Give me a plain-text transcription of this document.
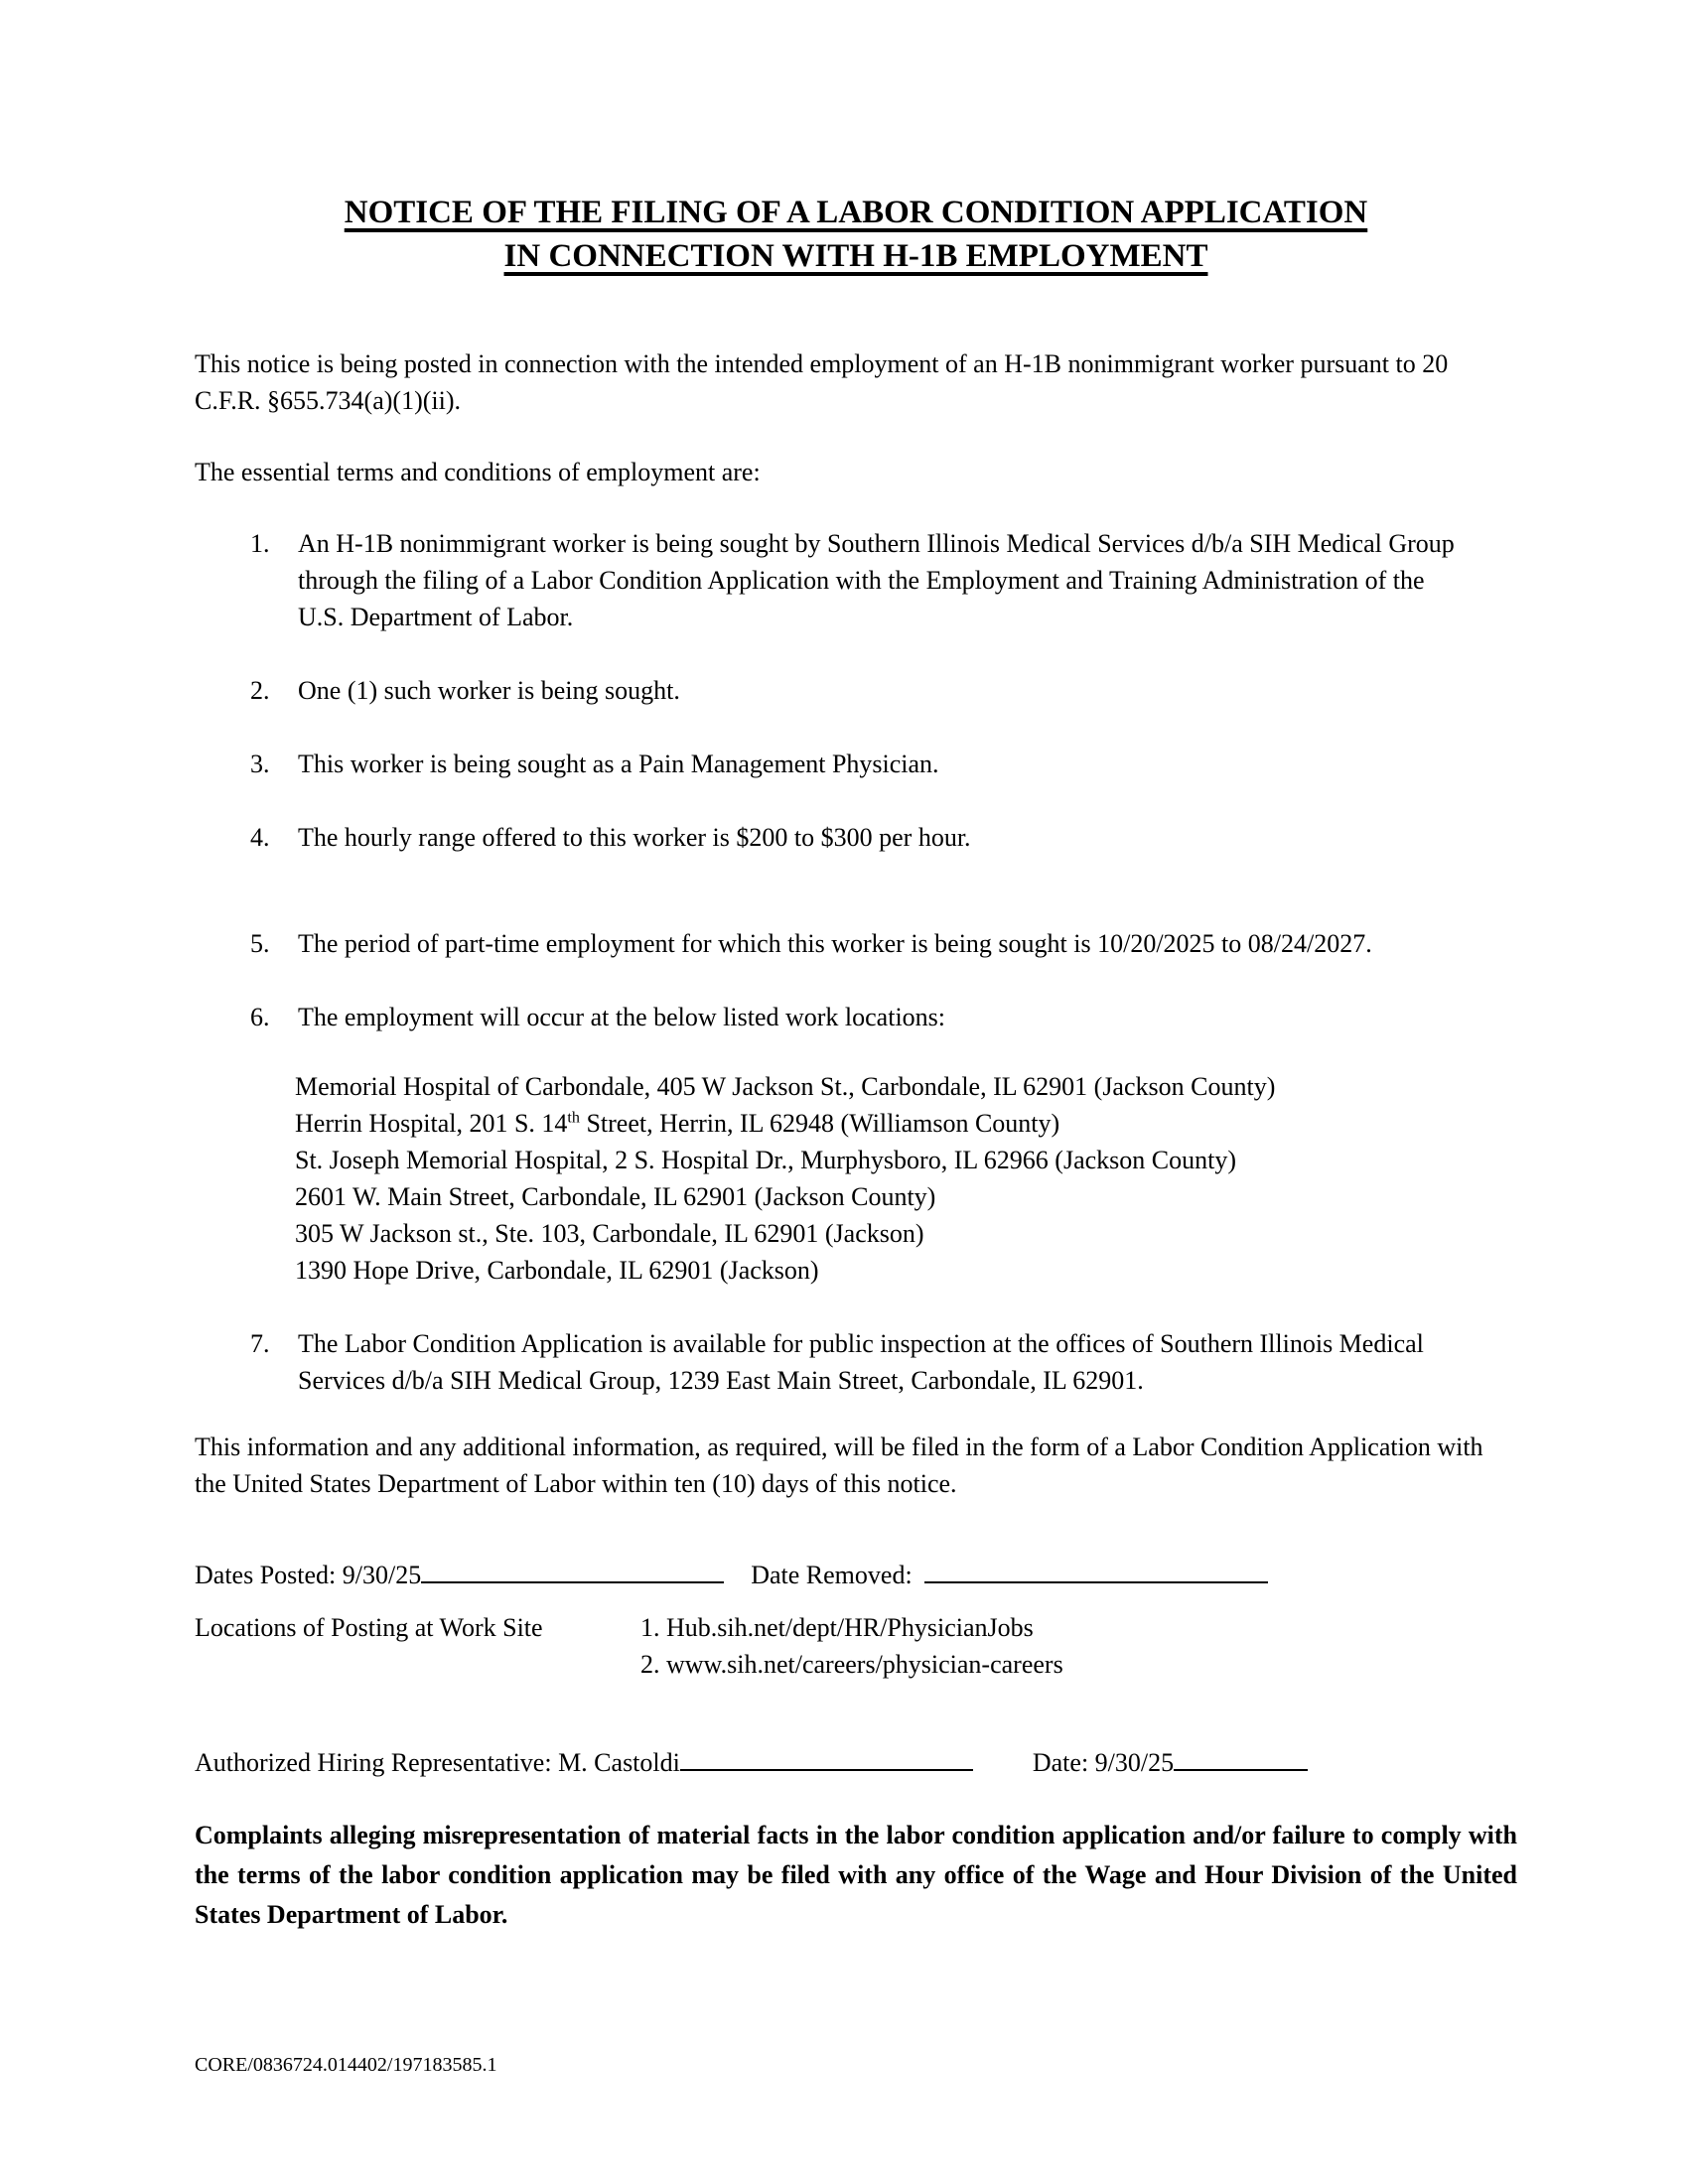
NOTICE OF THE FILING OF A LABOR CONDITION APPLICATION
IN CONNECTION WITH H-1B EMPLOYMENT
This notice is being posted in connection with the intended employment of an H-1B nonimmigrant worker pursuant to 20 C.F.R. §655.734(a)(1)(ii).
The essential terms and conditions of employment are:
1. An H-1B nonimmigrant worker is being sought by Southern Illinois Medical Services d/b/a SIH Medical Group through the filing of a Labor Condition Application with the Employment and Training Administration of the U.S. Department of Labor.
2. One (1) such worker is being sought.
3. This worker is being sought as a Pain Management Physician.
4. The hourly range offered to this worker is $200 to $300 per hour.
5. The period of part-time employment for which this worker is being sought is 10/20/2025 to 08/24/2027.
6. The employment will occur at the below listed work locations:
Memorial Hospital of Carbondale, 405 W Jackson St., Carbondale, IL 62901 (Jackson County)
Herrin Hospital, 201 S. 14th Street, Herrin, IL 62948 (Williamson County)
St. Joseph Memorial Hospital, 2 S. Hospital Dr., Murphysboro, IL 62966 (Jackson County)
2601 W. Main Street, Carbondale, IL 62901 (Jackson County)
305 W Jackson st., Ste. 103, Carbondale, IL 62901 (Jackson)
1390 Hope Drive, Carbondale, IL 62901 (Jackson)
7. The Labor Condition Application is available for public inspection at the offices of Southern Illinois Medical Services d/b/a SIH Medical Group, 1239 East Main Street, Carbondale, IL 62901.
This information and any additional information, as required, will be filed in the form of a Labor Condition Application with the United States Department of Labor within ten (10) days of this notice.
Dates Posted: 9/30/25	Date Removed:
Locations of Posting at Work Site	1. Hub.sih.net/dept/HR/PhysicianJobs
2. www.sih.net/careers/physician-careers
Authorized Hiring Representative: M. Castoldi	Date: 9/30/25
Complaints alleging misrepresentation of material facts in the labor condition application and/or failure to comply with the terms of the labor condition application may be filed with any office of the Wage and Hour Division of the United States Department of Labor.
CORE/0836724.014402/197183585.1
